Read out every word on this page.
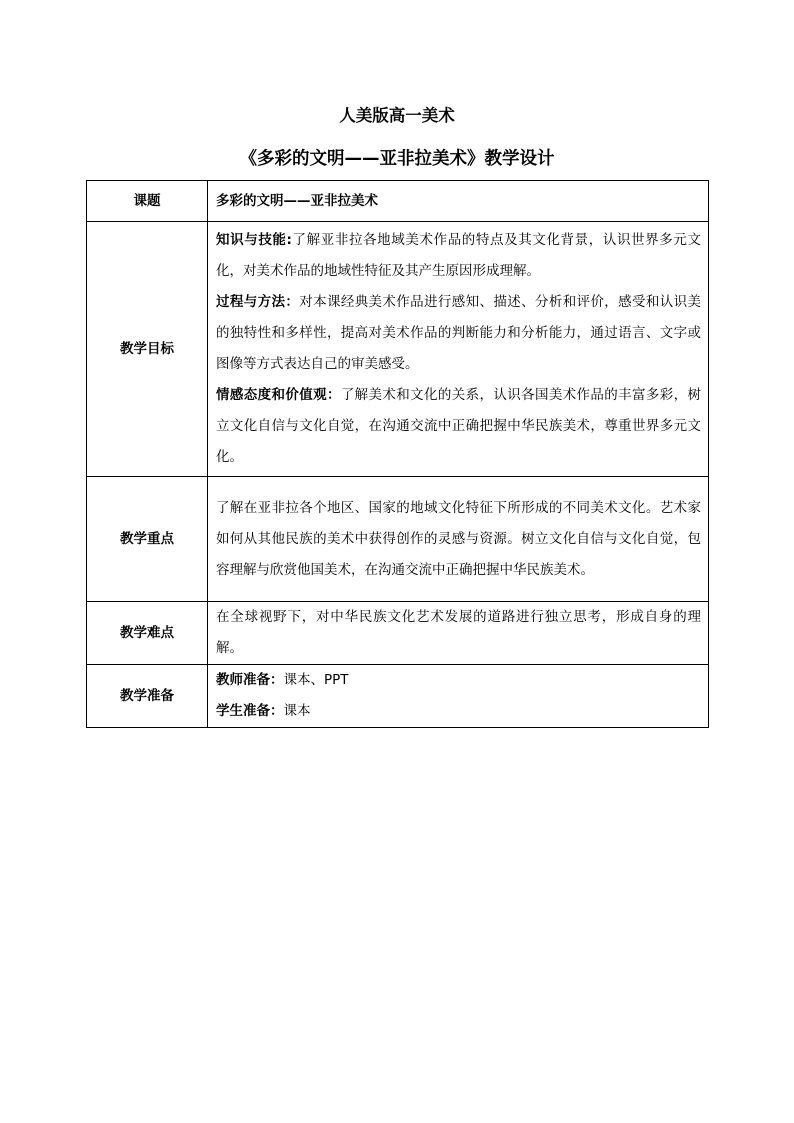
人美版高一美术
《多彩的文明——亚非拉美术》教学设计
课题	多彩的文明——亚非拉美术
教学目标	知识与技能:了解亚非拉各地域美术作品的特点及其文化背景，认识世界多元文化，对美术作品的地域性特征及其产生原因形成理解。

过程与方法：对本课经典美术作品进行感知、描述、分析和评价，感受和认识美的独特性和多样性，提高对美术作品的判断能力和分析能力，通过语言、文字或图像等方式表达自己的审美感受。

情感态度和价值观：了解美术和文化的关系，认识各国美术作品的丰富多彩，树立文化自信与文化自觉，在沟通交流中正确把握中华民族美术，尊重世界多元文化。

教学重点	了解在亚非拉各个地区、国家的地域文化特征下所形成的不同美术文化。艺术家如何从其他民族的美术中获得创作的灵感与资源。树立文化自信与文化自觉，包容理解与欣赏他国美术，在沟通交流中正确把握中华民族美术。
教学难点	在全球视野下，对中华民族文化艺术发展的道路进行独立思考，形成自身的理解。
教学准备	教师准备：课本、PPT

学生准备：课本
